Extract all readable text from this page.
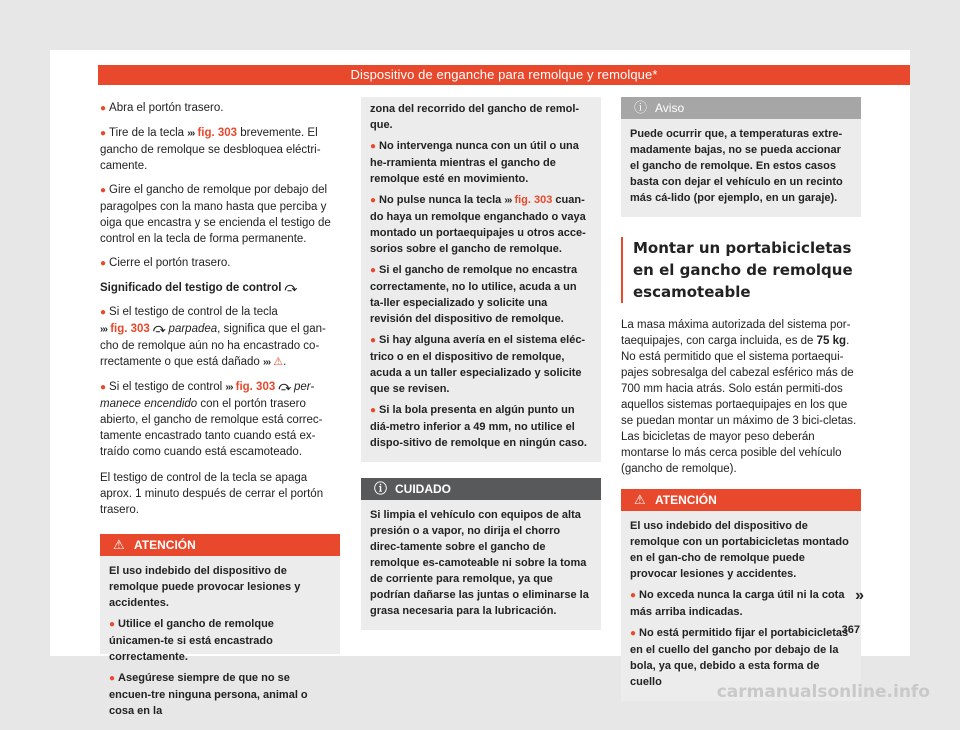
Dispositivo de enganche para remolque y remolque*
● Abra el portón trasero.
● Tire de la tecla ››› fig. 303 brevemente. El gancho de remolque se desbloquea eléctri-camente.
● Gire el gancho de remolque por debajo del paragolpes con la mano hasta que perciba y oiga que encastra y se encienda el testigo de control en la tecla de forma permanente.
● Cierre el portón trasero.
Significado del testigo de control ⤼
● Si el testigo de control de la tecla
››› fig. 303 ⤼ parpadea, significa que el gan-cho de remolque aún no ha encastrado co-rrectamente o que está dañado ››› ⚠.
● Si el testigo de control ››› fig. 303 ⤼ per-manece encendido con el portón trasero abierto, el gancho de remolque está correc-tamente encastrado tanto cuando está ex-traído como cuando está escamoteado.

El testigo de control de la tecla se apaga aprox. 1 minuto después de cerrar el portón trasero.

⚠ ATENCIÓN

El uso indebido del dispositivo de remolque puede provocar lesiones y accidentes.

● Utilice el gancho de remolque únicamen-te si está encastrado correctamente.
● Asegúrese siempre de que no se encuen-tre ninguna persona, animal o cosa en la

zona del recorrido del gancho de remol-que.

● No intervenga nunca con un útil o una he-rramienta mientras el gancho de remolque esté en movimiento.
● No pulse nunca la tecla ››› fig. 303 cuan-do haya un remolque enganchado o vaya montado un portaequipajes u otros acce-sorios sobre el gancho de remolque.
● Si el gancho de remolque no encastra correctamente, no lo utilice, acuda a un ta-ller especializado y solicite una revisión del dispositivo de remolque.
● Si hay alguna avería en el sistema eléc-trico o en el dispositivo de remolque, acuda a un taller especializado y solicite que se revisen.
● Si la bola presenta en algún punto un diá-metro inferior a 49 mm, no utilice el dispo-sitivo de remolque en ningún caso.
ⓘ CUIDADO

Si limpia el vehículo con equipos de alta presión o a vapor, no dirija el chorro direc-tamente sobre el gancho de remolque es-camoteable ni sobre la toma de corriente para remolque, ya que podrían dañarse las juntas o eliminarse la grasa necesaria para la lubricación.

ⓘ Aviso

Puede ocurrir que, a temperaturas extre-madamente bajas, no se pueda accionar el gancho de remolque. En estos casos basta con dejar el vehículo en un recinto más cá-lido (por ejemplo, en un garaje).

Montar un portabicicletas en el gancho de remolque escamoteable

La masa máxima autorizada del sistema por-taequipajes, con carga incluida, es de 75 kg. No está permitido que el sistema portaequi-pajes sobresalga del cabezal esférico más de 700 mm hacia atrás. Solo están permiti-dos aquellos sistemas portaequipajes en los que se puedan montar un máximo de 3 bici-cletas. Las bicicletas de mayor peso deberán montarse lo más cerca posible del vehículo (gancho de remolque).

⚠ ATENCIÓN

El uso indebido del dispositivo de remolque con un portabicicletas montado en el gan-cho de remolque puede provocar lesiones y accidentes.

● No exceda nunca la carga útil ni la cota más arriba indicadas.
● No está permitido fijar el portabicicletas en el cuello del gancho por debajo de la bola, ya que, debido a esta forma de cuello
»
367
carmanualsonline.info
